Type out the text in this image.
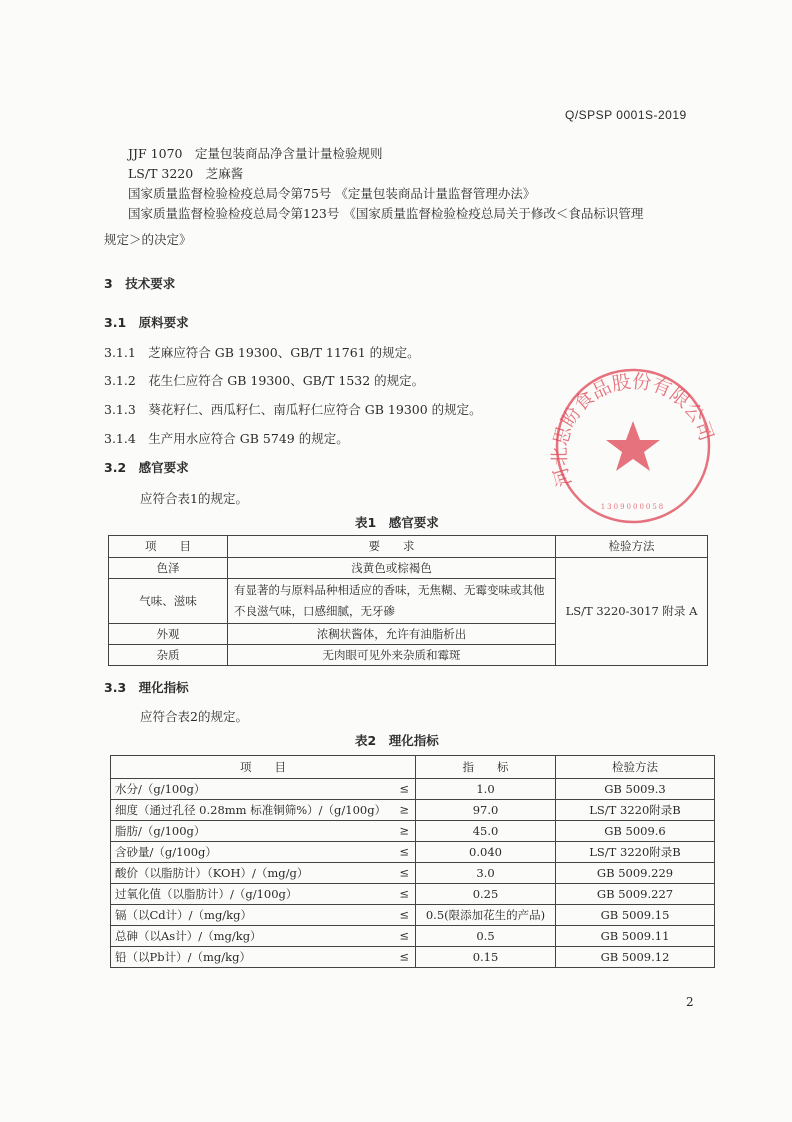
Q/SPSP 0001S-2019
JJF 1070　定量包装商品净含量计量检验规则
LS/T 3220　芝麻酱
国家质量监督检验检疫总局令第75号 《定量包装商品计量监督管理办法》
国家质量监督检验检疫总局令第123号 《国家质量监督检验检疫总局关于修改＜食品标识管理
规定＞的决定》
3　技术要求
3.1　原料要求
3.1.1　芝麻应符合 GB 19300、GB/T 11761 的规定。
3.1.2　花生仁应符合 GB 19300、GB/T 1532 的规定。
3.1.3　葵花籽仁、西瓜籽仁、南瓜籽仁应符合 GB 19300 的规定。
3.1.4　生产用水应符合 GB 5749 的规定。
3.2　感官要求
应符合表1的规定。
表1　感官要求
项　　目	要　　求	检验方法
色泽	浅黄色或棕褐色	LS/T 3220-3017 附录 A
气味、滋味	有显著的与原料品种相适应的香味，无焦糊、无霉变味或其他不良滋气味，口感细腻，无牙碜	
外观	浓稠状酱体，允许有油脂析出	
杂质	无肉眼可见外来杂质和霉斑	
3.3　理化指标
应符合表2的规定。
表2　理化指标
项　　目	指　　标	检验方法
水分/（g/100g） ≤	1.0	GB 5009.3
细度（通过孔径 0.28mm 标准铜筛%）/（g/100g） ≥	97.0	LS/T 3220附录B
脂肪/（g/100g） ≥	45.0	GB 5009.6
含砂量/（g/100g） ≤	0.040	LS/T 3220附录B
酸价（以脂肪计）（KOH）/（mg/g） ≤	3.0	GB 5009.229
过氧化值（以脂肪计）/（g/100g） ≤	0.25	GB 5009.227
镉（以Cd计）/（mg/kg） ≤	0.5(限添加花生的产品)	GB 5009.15
总砷（以As计）/（mg/kg） ≤	0.5	GB 5009.11
铅（以Pb计）/（mg/kg） ≤	0.15	GB 5009.12
2
河北思盼食品股份有限公司
1309000058
